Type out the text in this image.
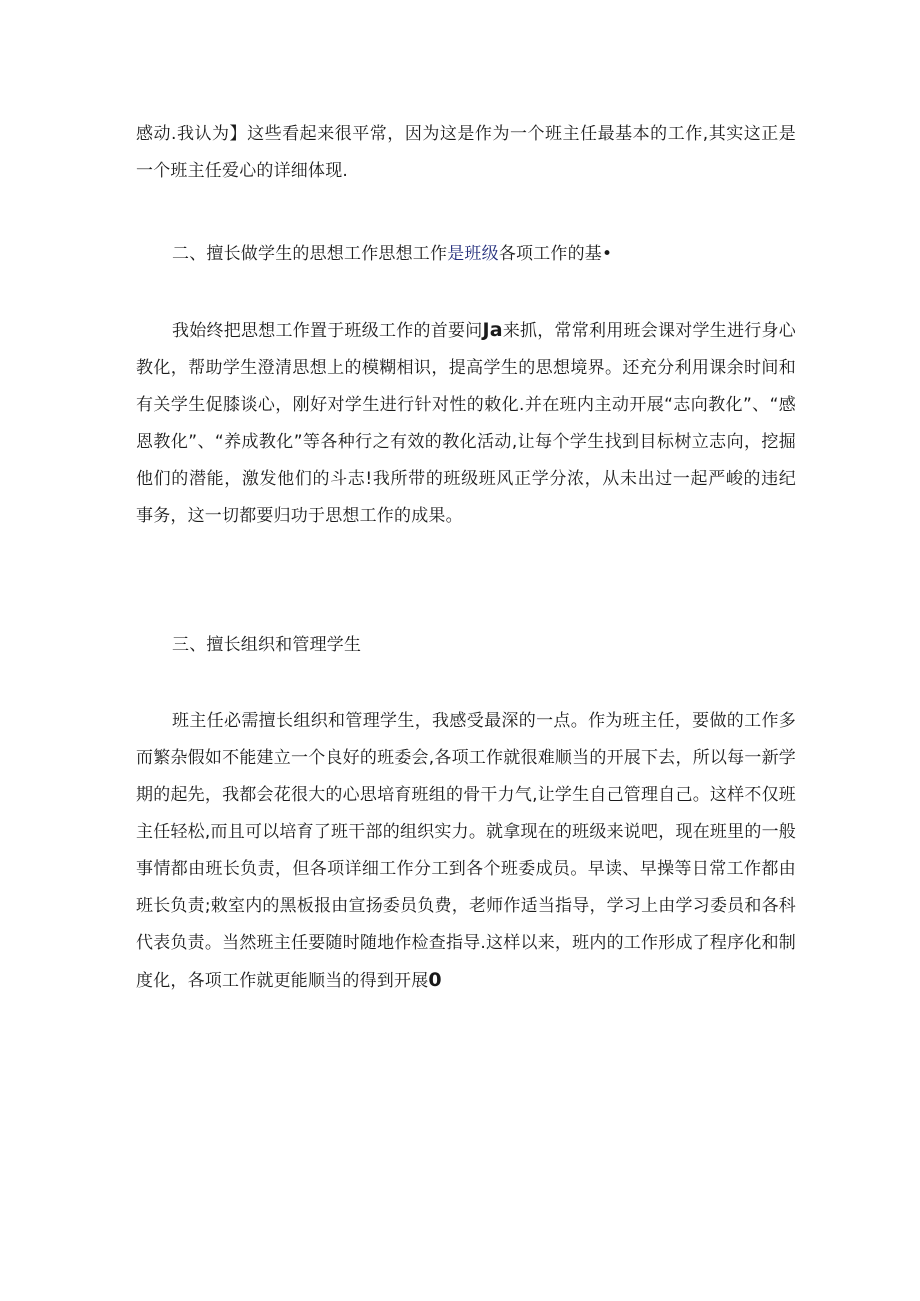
感动.我认为】这些看起来很平常，因为这是作为一个班主任最基本的工作,其实这正是一个班主任爱心的详细体现.

二、擅长做学生的思想工作思想工作是班级各项工作的基•

我始终把思想工作置于班级工作的首要问Ja来抓，常常利用班会课对学生进行身心教化，帮助学生澄清思想上的模糊相识，提高学生的思想境界。还充分利用课余时间和有关学生促膝谈心，刚好对学生进行针对性的敕化.并在班内主动开展“志向教化”、“感恩教化”、“养成教化”等各种行之有效的教化活动,让每个学生找到目标树立志向，挖掘他们的潜能，激发他们的斗志!我所带的班级班风正学分浓，从未出过一起严峻的违纪事务，这一切都要归功于思想工作的成果。

三、擅长组织和管理学生

班主任必需擅长组织和管理学生，我感受最深的一点。作为班主任，要做的工作多而繁杂假如不能建立一个良好的班委会,各项工作就很难顺当的开展下去，所以每一新学期的起先，我都会花很大的心思培育班组的骨干力气,让学生自己管理自己。这样不仅班主任轻松,而且可以培育了班干部的组织实力。就拿现在的班级来说吧，现在班里的一般事情都由班长负责，但各项详细工作分工到各个班委成员。早读、早操等日常工作都由班长负责;敕室内的黑板报由宣扬委员负费，老师作适当指导，学习上由学习委员和各科代表负责。当然班主任要随时随地作检查指导.这样以来，班内的工作形成了程序化和制度化，各项工作就更能顺当的得到开展0
